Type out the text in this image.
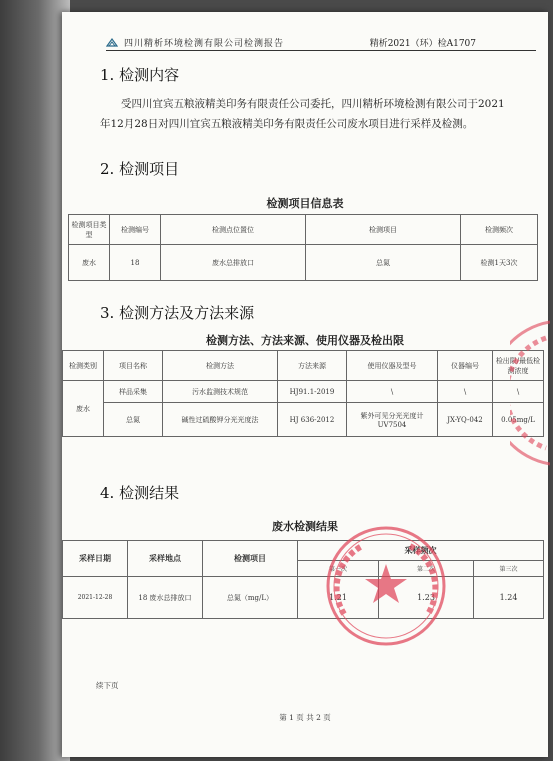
四川精析环境检测有限公司检测报告	精析2021（环）检A1707
1. 检测内容
受四川宜宾五粮液精美印务有限责任公司委托，四川精析环境检测有限公司于2021年12月28日对四川宜宾五粮液精美印务有限责任公司废水项目进行采样及检测。
2. 检测项目
检测项目信息表
检测项目类型	检测编号	检测点位置位	检测项目	检测频次
废水	18	废水总排放口	总氮	检测1天3次
3. 检测方法及方法来源
检测方法、方法来源、使用仪器及检出限
检测类别	项目名称	检测方法	方法来源	使用仪器及型号	仪器编号	检出限/最低检测浓度
废水	样品采集	污水监测技术规范	HJ91.1-2019	\	\	\
	总氮	碱性过硫酸钾分光光度法	HJ 636-2012	紫外可见分光光度计UV7504	JX-YQ-042	0.05mg/L
4. 检测结果
废水检测结果
采样日期	采样地点	检测项目	采样频次		
			第一次	第二次	第三次
2021-12-28	18 废水总排放口	总氮（mg/L）	1.21	1.23	1.24
续下页
第 1 页 共 2 页
